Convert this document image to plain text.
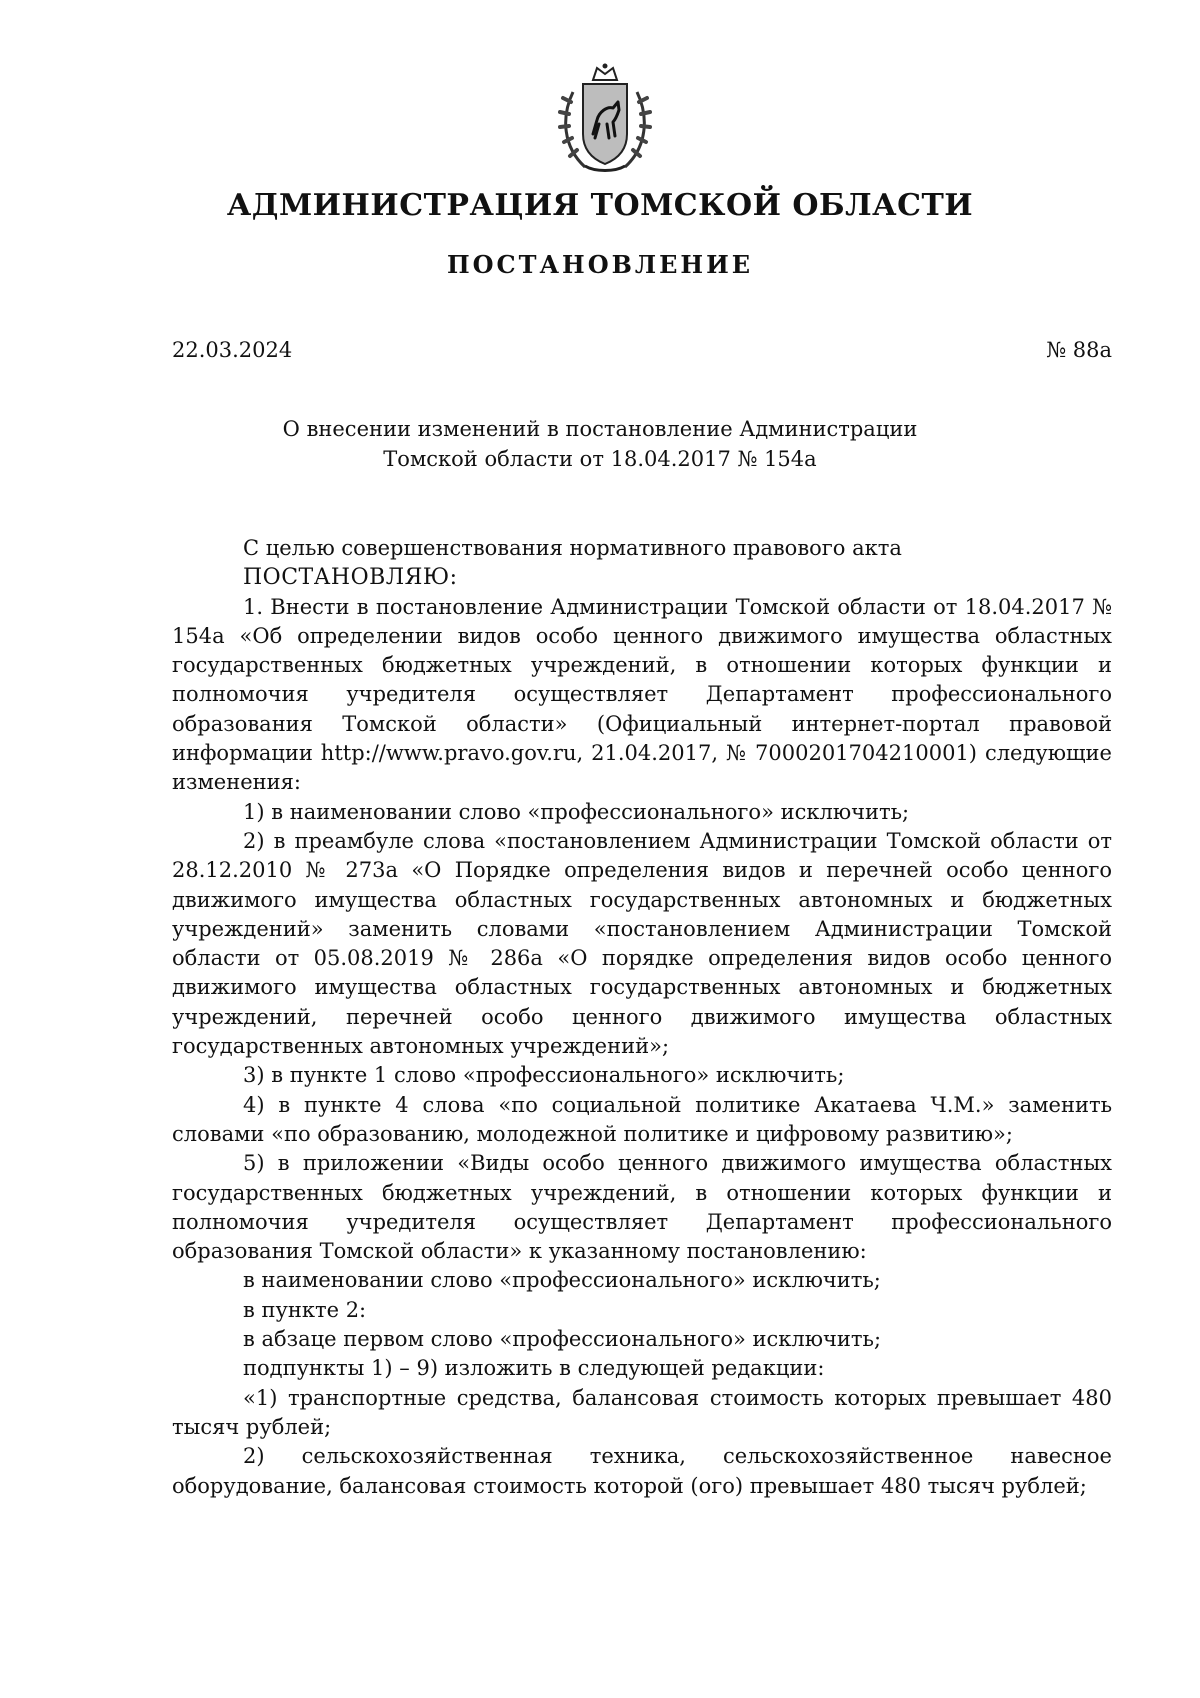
АДМИНИСТРАЦИЯ ТОМСКОЙ ОБЛАСТИ
ПОСТАНОВЛЕНИЕ
22.03.2024	№ 88а
О внесении изменений в постановление Администрации
Томской области от 18.04.2017 № 154а

С целью совершенствования нормативного правового акта

ПОСТАНОВЛЯЮ:

1. Внести в постановление Администрации Томской области от 18.04.2017 № 154а «Об определении видов особо ценного движимого имущества областных государственных бюджетных учреждений, в отношении которых функции и полномочия учредителя осуществляет Департамент профессионального образования Томской области» (Официальный интернет-портал правовой информации http://www.pravo.gov.ru, 21.04.2017, № 7000201704210001) следующие изменения:

1) в наименовании слово «профессионального» исключить;

2) в преамбуле слова «постановлением Администрации Томской области от 28.12.2010 № 273а «О Порядке определения видов и перечней особо ценного движимого имущества областных государственных автономных и бюджетных учреждений» заменить словами «постановлением Администрации Томской области от 05.08.2019 № 286а «О порядке определения видов особо ценного движимого имущества областных государственных автономных и бюджетных учреждений, перечней особо ценного движимого имущества областных государственных автономных учреждений»;

3) в пункте 1 слово «профессионального» исключить;

4) в пункте 4 слова «по социальной политике Акатаева Ч.М.» заменить словами «по образованию, молодежной политике и цифровому развитию»;

5) в приложении «Виды особо ценного движимого имущества областных государственных бюджетных учреждений, в отношении которых функции и полномочия учредителя осуществляет Департамент профессионального образования Томской области» к указанному постановлению:

в наименовании слово «профессионального» исключить;

в пункте 2:

в абзаце первом слово «профессионального» исключить;

подпункты 1) – 9) изложить в следующей редакции:

«1) транспортные средства, балансовая стоимость которых превышает 480 тысяч рублей;

2) сельскохозяйственная техника, сельскохозяйственное навесное оборудование, балансовая стоимость которой (ого) превышает 480 тысяч рублей;
